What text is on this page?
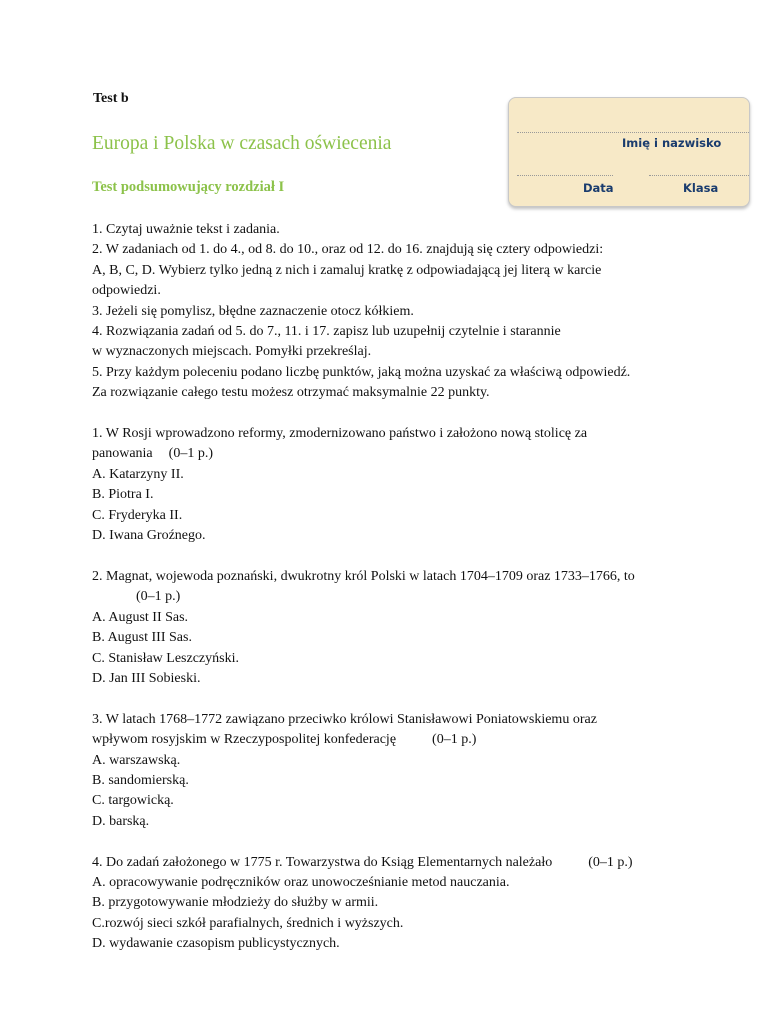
Test b
Europa i Polska w czasach oświecenia
Test podsumowujący rozdział I
Imię i nazwisko
Data	Klasa

1. Czytaj uważnie tekst i zadania.

2. W zadaniach od 1. do 4., od 8. do 10., oraz od 12. do 16. znajdują się cztery odpowiedzi:

A, B, C, D. Wybierz tylko jedną z nich i zamaluj kratkę z odpowiadającą jej literą w karcie

odpowiedzi.

3. Jeżeli się pomylisz, błędne zaznaczenie otocz kółkiem.

4. Rozwiązania zadań od 5. do 7., 11. i 17. zapisz lub uzupełnij czytelnie i starannie

w wyznaczonych miejscach. Pomyłki przekreślaj.

5. Przy każdym poleceniu podano liczbę punktów, jaką można uzyskać za właściwą odpowiedź.

Za rozwiązanie całego testu możesz otrzymać maksymalnie 22 punkty.

1. W Rosji wprowadzono reformy, zmodernizowano państwo i założono nową stolicę za

panowania (0–1 p.)

A. Katarzyny II.

B. Piotra I.

C. Fryderyka II.

D. Iwana Groźnego.

2. Magnat, wojewoda poznański, dwukrotny król Polski w latach 1704–1709 oraz 1733–1766, to

(0–1 p.)

A. August II Sas.

B. August III Sas.

C. Stanisław Leszczyński.

D. Jan III Sobieski.

3. W latach 1768–1772 zawiązano przeciwko królowi Stanisławowi Poniatowskiemu oraz

wpływom rosyjskim w Rzeczypospolitej konfederację	(0–1 p.)

A. warszawską.

B. sandomierską.

C. targowicką.

D. barską.

4. Do zadań założonego w 1775 r. Towarzystwa do Ksiąg Elementarnych należało	(0–1 p.)

A. opracowywanie podręczników oraz unowocześnianie metod nauczania.

B. przygotowywanie młodzieży do służby w armii.

C.rozwój sieci szkół parafialnych, średnich i wyższych.

D. wydawanie czasopism publicystycznych.
